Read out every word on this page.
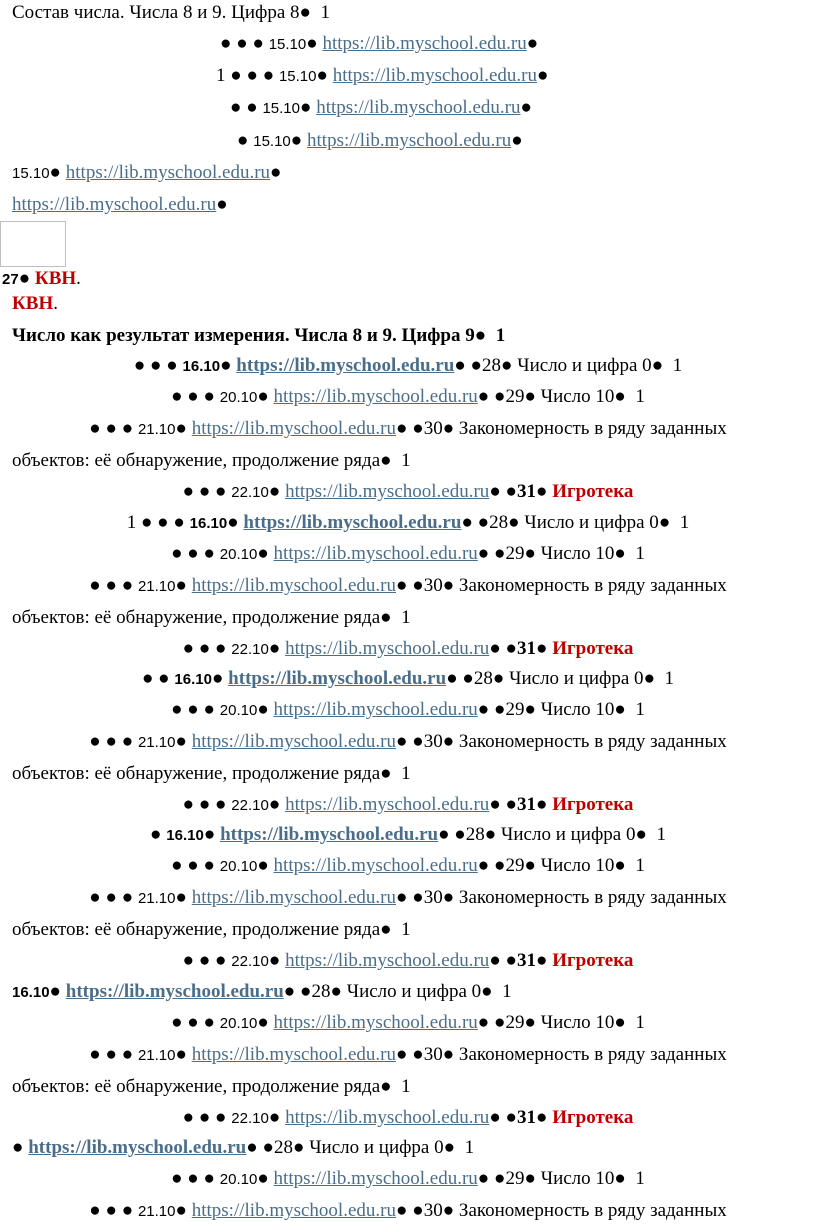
Состав числа. Числа 8 и 9. Цифра 8●  1
● ● ● 15.10● https://lib.myschool.edu.ru●
1 ● ● ● 15.10● https://lib.myschool.edu.ru●
● ● 15.10● https://lib.myschool.edu.ru●
● 15.10● https://lib.myschool.edu.ru●
15.10● https://lib.myschool.edu.ru●
https://lib.myschool.edu.ru●
27● КВН.
КВН.
Число как результат измерения. Числа 8 и 9. Цифра 9●  1
● ● ● 16.10● https://lib.myschool.edu.ru● ●28● Число и цифра 0●  1
● ● ● 20.10● https://lib.myschool.edu.ru● ●29● Число 10●  1
● ● ● 21.10● https://lib.myschool.edu.ru● ●30● Закономерность в ряду заданных
объектов: её обнаружение, продолжение ряда●  1
● ● ● 22.10● https://lib.myschool.edu.ru● ●31● Игротека
1 ● ● ● 16.10● https://lib.myschool.edu.ru● ●28● Число и цифра 0●  1
● ● ● 20.10● https://lib.myschool.edu.ru● ●29● Число 10●  1
● ● ● 21.10● https://lib.myschool.edu.ru● ●30● Закономерность в ряду заданных
объектов: её обнаружение, продолжение ряда●  1
● ● ● 22.10● https://lib.myschool.edu.ru● ●31● Игротека
● ● 16.10● https://lib.myschool.edu.ru● ●28● Число и цифра 0●  1
● ● ● 20.10● https://lib.myschool.edu.ru● ●29● Число 10●  1
● ● ● 21.10● https://lib.myschool.edu.ru● ●30● Закономерность в ряду заданных
объектов: её обнаружение, продолжение ряда●  1
● ● ● 22.10● https://lib.myschool.edu.ru● ●31● Игротека
● 16.10● https://lib.myschool.edu.ru● ●28● Число и цифра 0●  1
● ● ● 20.10● https://lib.myschool.edu.ru● ●29● Число 10●  1
● ● ● 21.10● https://lib.myschool.edu.ru● ●30● Закономерность в ряду заданных
объектов: её обнаружение, продолжение ряда●  1
● ● ● 22.10● https://lib.myschool.edu.ru● ●31● Игротека
16.10● https://lib.myschool.edu.ru● ●28● Число и цифра 0●  1
● ● ● 20.10● https://lib.myschool.edu.ru● ●29● Число 10●  1
● ● ● 21.10● https://lib.myschool.edu.ru● ●30● Закономерность в ряду заданных
объектов: её обнаружение, продолжение ряда●  1
● ● ● 22.10● https://lib.myschool.edu.ru● ●31● Игротека
● https://lib.myschool.edu.ru● ●28● Число и цифра 0●  1
● ● ● 20.10● https://lib.myschool.edu.ru● ●29● Число 10●  1
● ● ● 21.10● https://lib.myschool.edu.ru● ●30● Закономерность в ряду заданных
